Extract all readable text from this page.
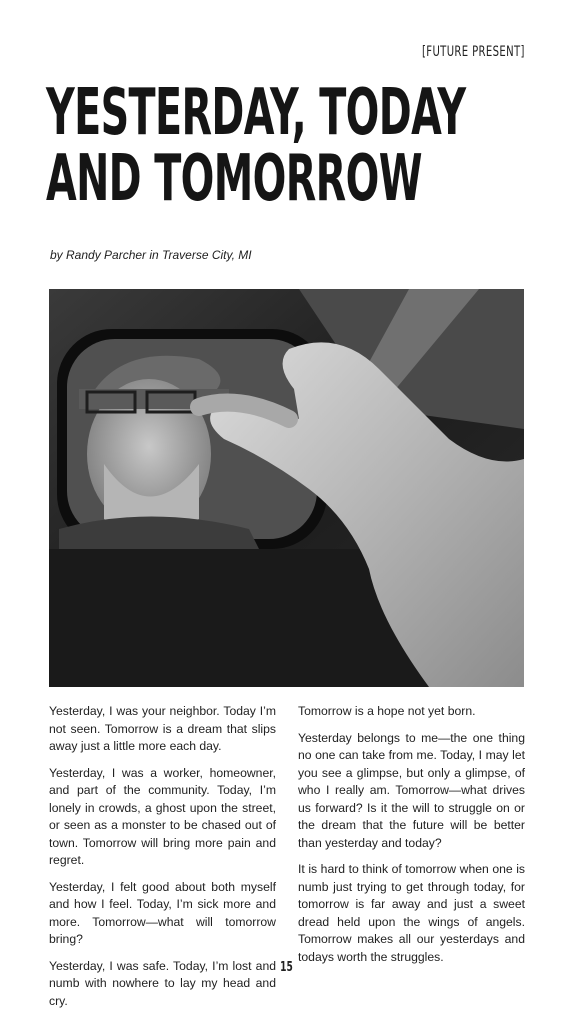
[FUTURE PRESENT]
YESTERDAY, TODAY
AND TOMORROW
by Randy Parcher in Traverse City, MI

Yesterday, I was your neighbor. Today I’m not seen. Tomorrow is a dream that slips away just a little more each day.

Yesterday, I was a worker, homeowner, and part of the community. Today, I’m lonely in crowds, a ghost upon the street, or seen as a monster to be chased out of town. Tomorrow will bring more pain and regret.

Yesterday, I felt good about both myself and how I feel. Today, I’m sick more and more. Tomorrow—what will tomorrow bring?

Yesterday, I was safe. Today, I’m lost and numb with nowhere to lay my head and cry.

Tomorrow is a hope not yet born.

Yesterday belongs to me—the one thing no one can take from me. Today, I may let you see a glimpse, but only a glimpse, of who I really am. Tomorrow—what drives us forward? Is it the will to struggle on or the dream that the future will be better than yesterday and today?

It is hard to think of tomorrow when one is numb just trying to get through today, for tomorrow is far away and just a sweet dread held upon the wings of angels. Tomorrow makes all our yesterdays and todays worth the struggles.

15
